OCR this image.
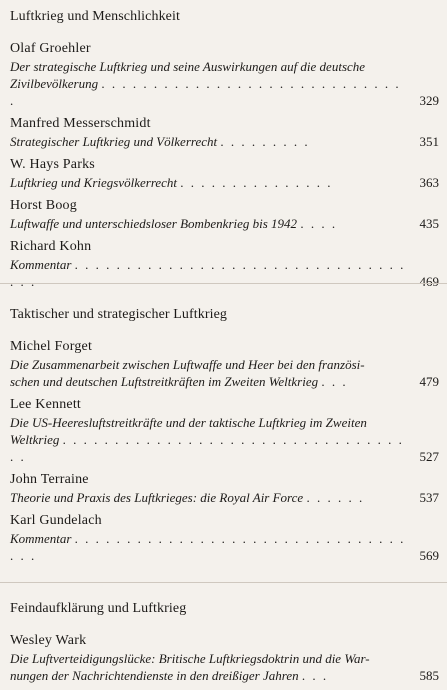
Luftkrieg und Menschlichkeit
Olaf Groehler
Der strategische Luftkrieg und seine Auswirkungen auf die deutsche
Zivilbevölkerung . . . . . . . . . . . . . . . . . . . . . . . . . . . . . .	329
Manfred Messerschmidt
Strategischer Luftkrieg und Völkerrecht . . . . . . . . .	351
W. Hays Parks
Luftkrieg und Kriegsvölkerrecht . . . . . . . . . . . . . . .	363
Horst Boog
Luftwaffe und unterschiedsloser Bombenkrieg bis 1942 . . . .	435
Richard Kohn
Kommentar . . . . . . . . . . . . . . . . . . . . . . . . . . . . . . . . . . .	469
Taktischer und strategischer Luftkrieg
Michel Forget
Die Zusammenarbeit zwischen Luftwaffe und Heer bei den französi-
schen und deutschen Luftstreitkräften im Zweiten Weltkrieg . . .	479
Lee Kennett
Die US-Heeresluftstreitkräfte und der taktische Luftkrieg im Zweiten
Weltkrieg . . . . . . . . . . . . . . . . . . . . . . . . . . . . . . . . . . .	527
John Terraine
Theorie und Praxis des Luftkrieges: die Royal Air Force . . . . . .	537
Karl Gundelach
Kommentar . . . . . . . . . . . . . . . . . . . . . . . . . . . . . . . . . . .	569
Feindaufklärung und Luftkrieg
Wesley Wark
Die Luftverteidigungslücke: Britische Luftkriegsdoktrin und die War-
nungen der Nachrichtendienste in den dreißiger Jahren . . .	585
